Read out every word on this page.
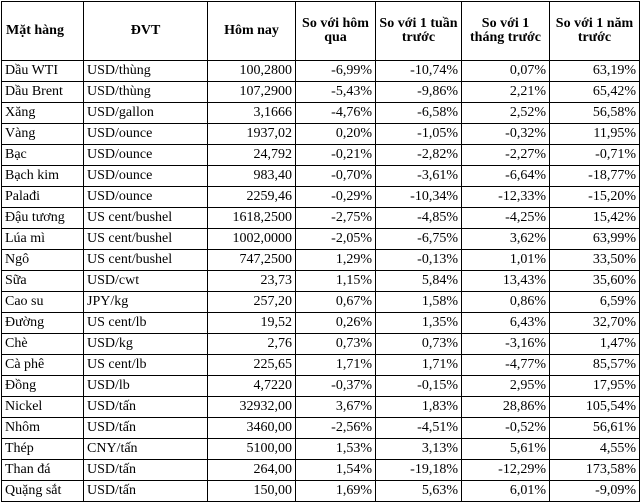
Mặt hàng	ĐVT	Hôm nay	So với hôm qua	So với 1 tuần trước	So với 1 tháng trước	So với 1 năm trước
Dầu WTI	USD/thùng	100,2800	-6,99%	-10,74%	0,07%	63,19%
Dầu Brent	USD/thùng	107,2900	-5,43%	-9,86%	2,21%	65,42%
Xăng	USD/gallon	3,1666	-4,76%	-6,58%	2,52%	56,58%
Vàng	USD/ounce	1937,02	0,20%	-1,05%	-0,32%	11,95%
Bạc	USD/ounce	24,792	-0,21%	-2,82%	-2,27%	-0,71%
Bạch kim	USD/ounce	983,40	-0,70%	-3,61%	-6,64%	-18,77%
Palađi	USD/ounce	2259,46	-0,29%	-10,34%	-12,33%	-15,20%
Đậu tương	US cent/bushel	1618,2500	-2,75%	-4,85%	-4,25%	15,42%
Lúa mì	US cent/bushel	1002,0000	-2,05%	-6,75%	3,62%	63,99%
Ngô	US cent/bushel	747,2500	1,29%	-0,13%	1,01%	33,50%
Sữa	USD/cwt	23,73	1,15%	5,84%	13,43%	35,60%
Cao su	JPY/kg	257,20	0,67%	1,58%	0,86%	6,59%
Đường	US cent/lb	19,52	0,26%	1,35%	6,43%	32,70%
Chè	USD/kg	2,76	0,73%	0,73%	-3,16%	1,47%
Cà phê	US cent/lb	225,65	1,71%	1,71%	-4,77%	85,57%
Đồng	USD/lb	4,7220	-0,37%	-0,15%	2,95%	17,95%
Nickel	USD/tấn	32932,00	3,67%	1,83%	28,86%	105,54%
Nhôm	USD/tấn	3460,00	-2,56%	-4,51%	-0,52%	56,61%
Thép	CNY/tấn	5100,00	1,53%	3,13%	5,61%	4,55%
Than đá	USD/tấn	264,00	1,54%	-19,18%	-12,29%	173,58%
Quặng sắt	USD/tấn	150,00	1,69%	5,63%	6,01%	-9,09%
